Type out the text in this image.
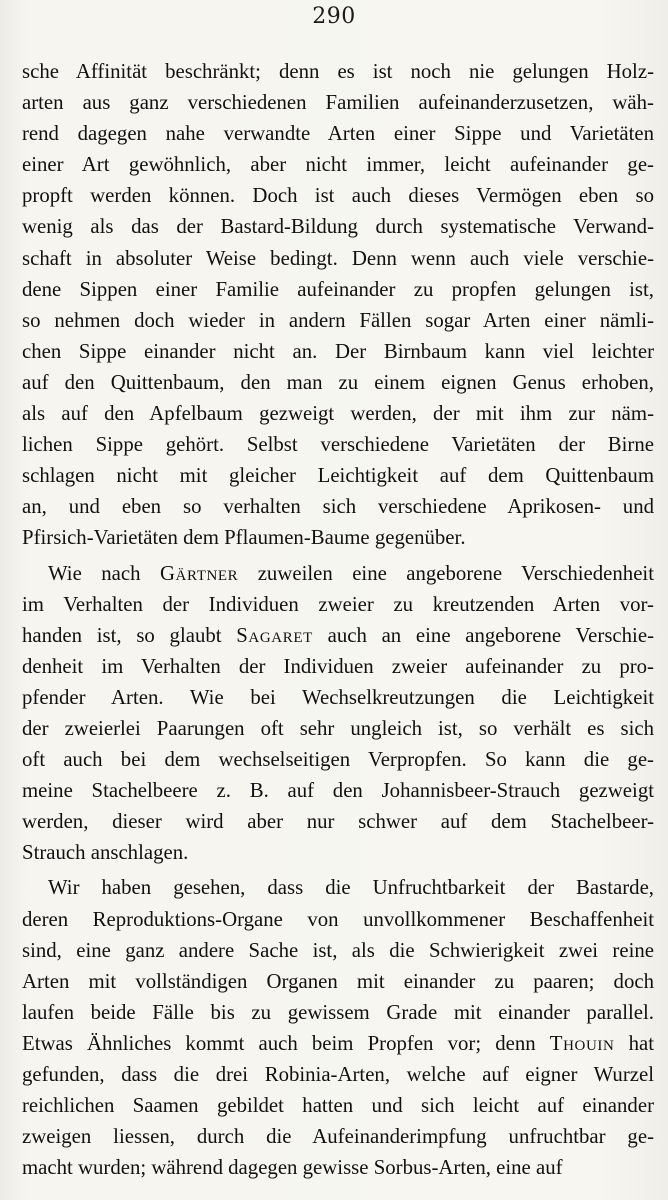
290
sche Affinität beschränkt; denn es ist noch nie gelungen Holz-
arten aus ganz verschiedenen Familien aufeinanderzusetzen, wäh-
rend dagegen nahe verwandte Arten einer Sippe und Varietäten
einer Art gewöhnlich, aber nicht immer, leicht aufeinander ge-
propft werden können. Doch ist auch dieses Vermögen eben so
wenig als das der Bastard-Bildung durch systematische Verwand-
schaft in absoluter Weise bedingt. Denn wenn auch viele verschie-
dene Sippen einer Familie aufeinander zu propfen gelungen ist,
so nehmen doch wieder in andern Fällen sogar Arten einer nämli-
chen Sippe einander nicht an. Der Birnbaum kann viel leichter
auf den Quittenbaum, den man zu einem eignen Genus erhoben,
als auf den Apfelbaum gezweigt werden, der mit ihm zur näm-
lichen Sippe gehört. Selbst verschiedene Varietäten der Birne
schlagen nicht mit gleicher Leichtigkeit auf dem Quittenbaum
an, und eben so verhalten sich verschiedene Aprikosen- und
Pfirsich-Varietäten dem Pflaumen-Baume gegenüber.
Wie nach Gärtner zuweilen eine angeborene Verschiedenheit
im Verhalten der Individuen zweier zu kreutzenden Arten vor-
handen ist, so glaubt Sagaret auch an eine angeborene Verschie-
denheit im Verhalten der Individuen zweier aufeinander zu pro-
pfender Arten. Wie bei Wechselkreutzungen die Leichtigkeit
der zweierlei Paarungen oft sehr ungleich ist, so verhält es sich
oft auch bei dem wechselseitigen Verpropfen. So kann die ge-
meine Stachelbeere z. B. auf den Johannisbeer-Strauch gezweigt
werden, dieser wird aber nur schwer auf dem Stachelbeer-
Strauch anschlagen.
Wir haben gesehen, dass die Unfruchtbarkeit der Bastarde,
deren Reproduktions-Organe von unvollkommener Beschaffenheit
sind, eine ganz andere Sache ist, als die Schwierigkeit zwei reine
Arten mit vollständigen Organen mit einander zu paaren; doch
laufen beide Fälle bis zu gewissem Grade mit einander parallel.
Etwas Ähnliches kommt auch beim Propfen vor; denn Thouin hat
gefunden, dass die drei Robinia-Arten, welche auf eigner Wurzel
reichlichen Saamen gebildet hatten und sich leicht auf einander
zweigen liessen, durch die Aufeinanderimpfung unfruchtbar ge-
macht wurden; während dagegen gewisse Sorbus-Arten, eine auf
